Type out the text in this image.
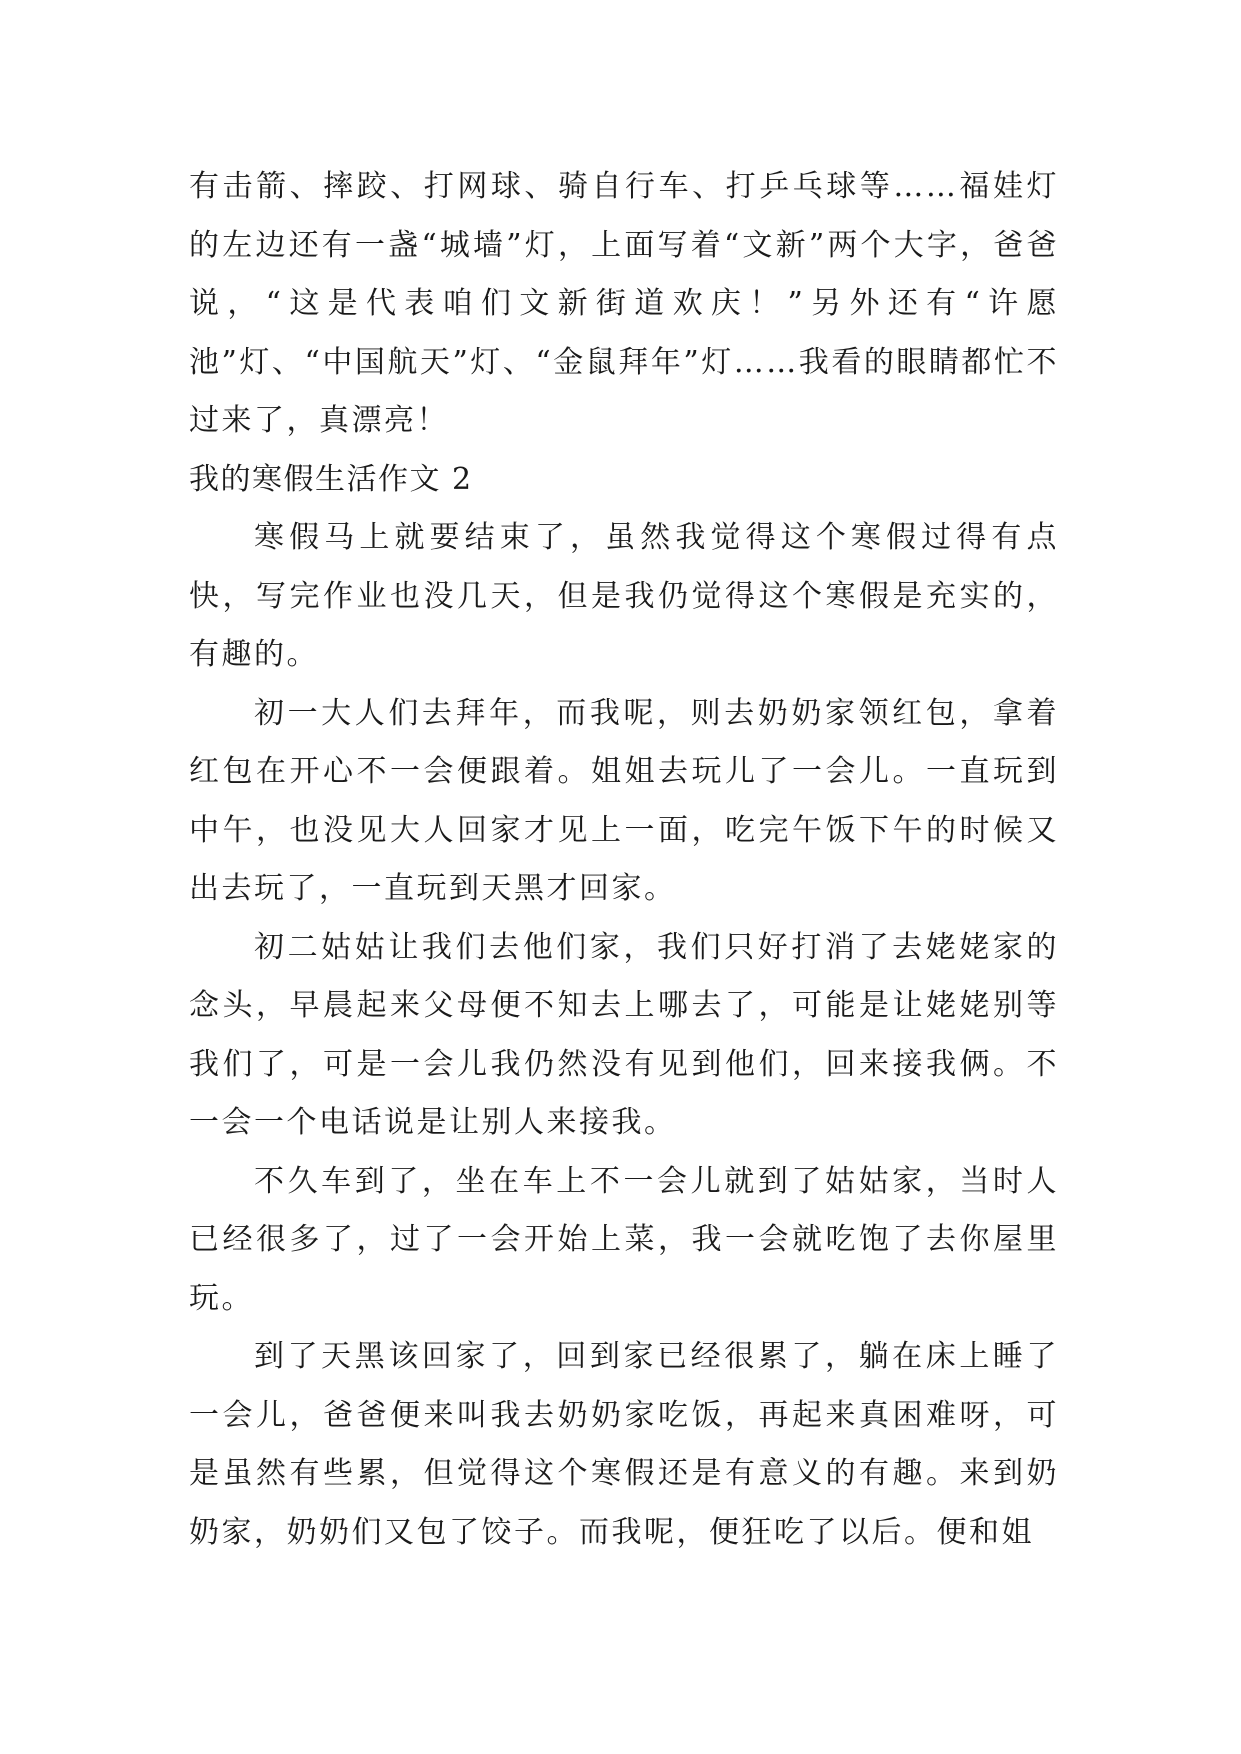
有击箭、摔跤、打网球、骑自行车、打乒乓球等……福娃灯的左边还有一盏“城墙”灯，上面写着“文新”两个大字，爸爸说，“这是代表咱们文新街道欢庆！”另外还有“许愿池”灯、“中国航天”灯、“金鼠拜年”灯……我看的眼睛都忙不过来了，真漂亮！

我的寒假生活作文 2

寒假马上就要结束了，虽然我觉得这个寒假过得有点快，写完作业也没几天，但是我仍觉得这个寒假是充实的，有趣的。

初一大人们去拜年，而我呢，则去奶奶家领红包，拿着红包在开心不一会便跟着。姐姐去玩儿了一会儿。一直玩到中午，也没见大人回家才见上一面，吃完午饭下午的时候又出去玩了，一直玩到天黑才回家。

初二姑姑让我们去他们家，我们只好打消了去姥姥家的念头，早晨起来父母便不知去上哪去了，可能是让姥姥别等我们了，可是一会儿我仍然没有见到他们，回来接我俩。不一会一个电话说是让别人来接我。

不久车到了，坐在车上不一会儿就到了姑姑家，当时人已经很多了，过了一会开始上菜，我一会就吃饱了去你屋里玩。

到了天黑该回家了，回到家已经很累了，躺在床上睡了一会儿，爸爸便来叫我去奶奶家吃饭，再起来真困难呀，可是虽然有些累，但觉得这个寒假还是有意义的有趣。来到奶奶家，奶奶们又包了饺子。而我呢，便狂吃了以后。便和姐
